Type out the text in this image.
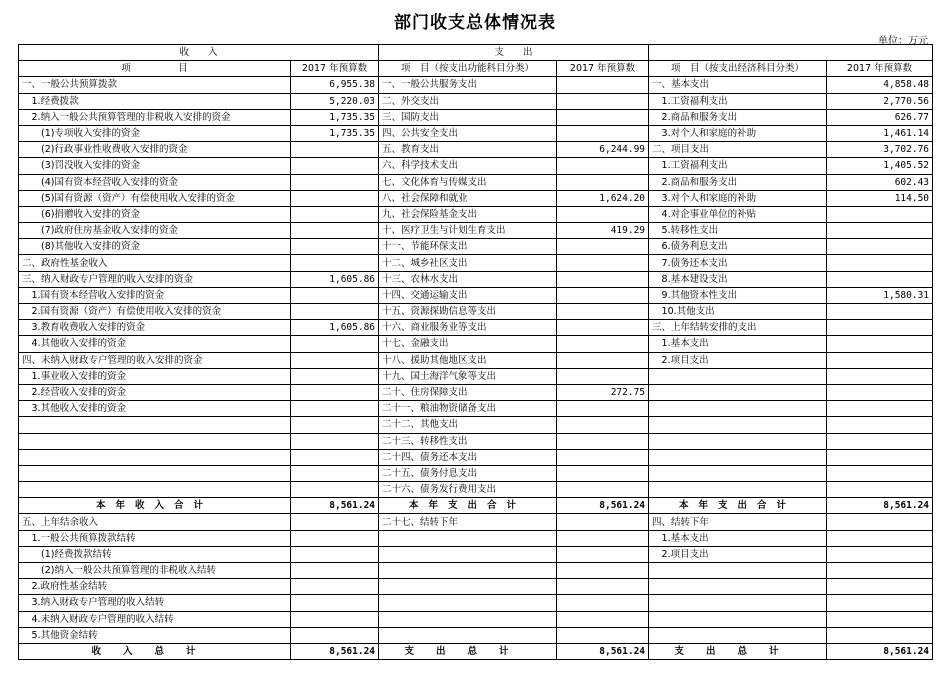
部门收支总体情况表
单位：万元
收　　入		支　　出			
项　　　　　目	2017 年预算数	项　目（按支出功能科目分类）	2017 年预算数	项　目（按支出经济科目分类）	2017 年预算数
一、一般公共预算拨款	6,955.38	一、一般公共服务支出		一、基本支出	4,858.48
　1.经费拨款	5,220.03	二、外交支出		　1.工资福利支出	2,770.56
　2.纳入一般公共预算管理的非税收入安排的资金	1,735.35	三、国防支出		　2.商品和服务支出	626.77
　　(1)专项收入安排的资金	1,735.35	四、公共安全支出		　3.对个人和家庭的补助	1,461.14
　　(2)行政事业性收费收入安排的资金		五、教育支出	6,244.99	二、项目支出	3,702.76
　　(3)罚没收入安排的资金		六、科学技术支出		　1.工资福利支出	1,405.52
　　(4)国有资本经营收入安排的资金		七、文化体育与传媒支出		　2.商品和服务支出	602.43
　　(5)国有资源（资产）有偿使用收入安排的资金		八、社会保障和就业	1,624.20	　3.对个人和家庭的补助	114.50
　　(6)捐赠收入安排的资金		九、社会保险基金支出		　4.对企事业单位的补贴	
　　(7)政府住房基金收入安排的资金		十、医疗卫生与计划生育支出	419.29	　5.转移性支出	
　　(8)其他收入安排的资金		十一、节能环保支出		　6.债务利息支出	
二、政府性基金收入		十二、城乡社区支出		　7.债务还本支出	
三、纳入财政专户管理的收入安排的资金	1,605.86	十三、农林水支出		　8.基本建设支出	
　1.国有资本经营收入安排的资金		十四、交通运输支出		　9.其他资本性支出	1,580.31
　2.国有资源（资产）有偿使用收入安排的资金		十五、资源探勘信息等支出		　10.其他支出	
　3.教育收费收入安排的资金	1,605.86	十六、商业服务业等支出		三、上年结转安排的支出	
　4.其他收入安排的资金		十七、金融支出		　1.基本支出	
四、未纳入财政专户管理的收入安排的资金		十八、援助其他地区支出		　2.项目支出	
　1.事业收入安排的资金		十九、国土海洋气象等支出			
　2.经营收入安排的资金		二十、住房保障支出	272.75		
　3.其他收入安排的资金		二十一、粮油物资储备支出			
		二十二、其他支出			
		二十三、转移性支出			
		二十四、债务还本支出			
		二十五、债务付息支出			
		二十六、债务发行费用支出			
本年收入合计	8,561.24	本年支出合计	8,561.24	本年支出合计	8,561.24
五、上年结余收入		二十七、结转下年		四、结转下年	
　1.一般公共预算拨款结转				　1.基本支出	
　　(1)经费拨款结转				　2.项目支出	
　　(2)纳入一般公共预算管理的非税收入结转					
　2.政府性基金结转					
　3.纳入财政专户管理的收入结转					
　4.未纳入财政专户管理的收入结转					
　5.其他资金结转					
收入总计	8,561.24	支出总计	8,561.24	支出总计	8,561.24
